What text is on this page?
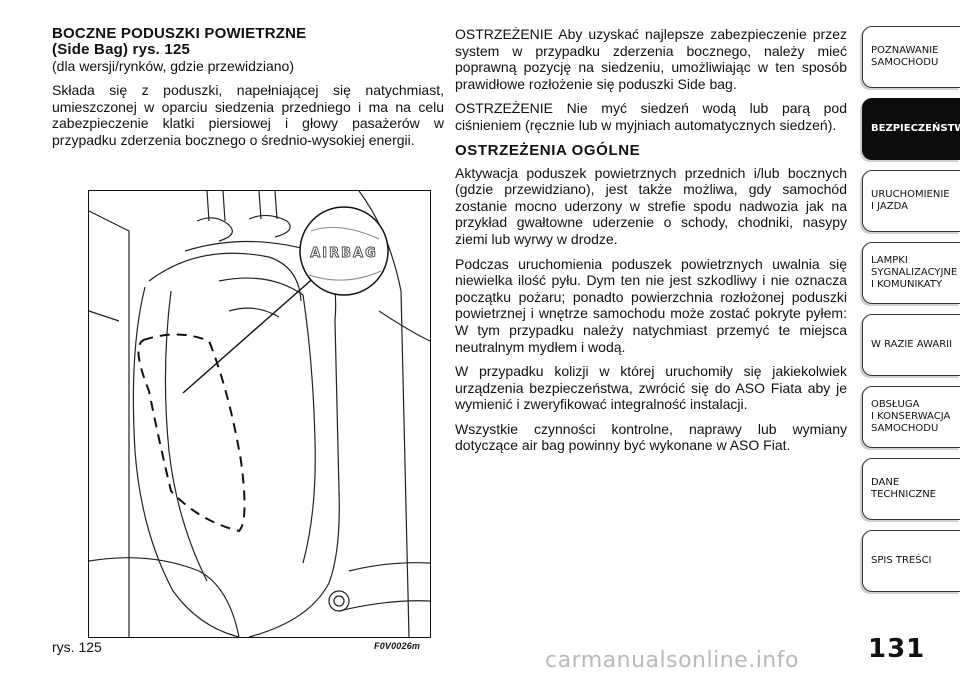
BOCZNE PODUSZKI POWIETRZNE

(Side Bag) rys. 125

(dla wersji/rynków, gdzie przewidziano)

Składa się z poduszki, napełniającej się natychmiast, umieszczonej w oparciu siedzenia przedniego i ma na celu zabezpieczenie klatki piersiowej i głowy pasażerów w przypadku zderzenia bocznego o średnio-wysokiej energii.

AIRBAG
rys. 125	F0V0026m

OSTRZEŻENIE Aby uzyskać najlepsze zabezpieczenie przez system w przypadku zderzenia bocznego, należy mieć poprawną pozycję na siedzeniu, umożliwiając w ten sposób prawidłowe rozłożenie się poduszki Side bag.

OSTRZEŻENIE Nie myć siedzeń wodą lub parą pod ciśnieniem (ręcznie lub w myjniach automatycznych siedzeń).

OSTRZEŻENIA OGÓLNE

Aktywacja poduszek powietrznych przednich i/lub bocznych (gdzie przewidziano), jest także możliwa, gdy samochód zostanie mocno uderzony w strefie spodu nadwozia jak na przykład gwałtowne uderzenie o schody, chodniki, nasypy ziemi lub wyrwy w drodze.

Podczas uruchomienia poduszek powietrznych uwalnia się niewielka ilość pyłu. Dym ten nie jest szkodliwy i nie oznacza początku pożaru; ponadto powierzchnia rozłożonej poduszki powietrznej i wnętrze samochodu może zostać pokryte pyłem: W tym przypadku należy natychmiast przemyć te miejsca neutralnym mydłem i wodą.

W przypadku kolizji w której uruchomiły się jakiekolwiek urządzenia bezpieczeństwa, zwrócić się do ASO Fiata aby je wymienić i zweryfikować integralność instalacji.

Wszystkie czynności kontrolne, naprawy lub wymiany dotyczące air bag powinny być wykonane w ASO Fiat.

POZNAWANIE
SAMOCHODU
BEZPIECZEŃSTWO
URUCHOMIENIE
I JAZDA
LAMPKI
SYGNALIZACYJNE
I KOMUNIKATY
W RAZIE AWARII
OBSŁUGA
I KONSERWACJA
SAMOCHODU
DANE
TECHNICZNE
SPIS TREŚCI
131
carmanualsonline.info
